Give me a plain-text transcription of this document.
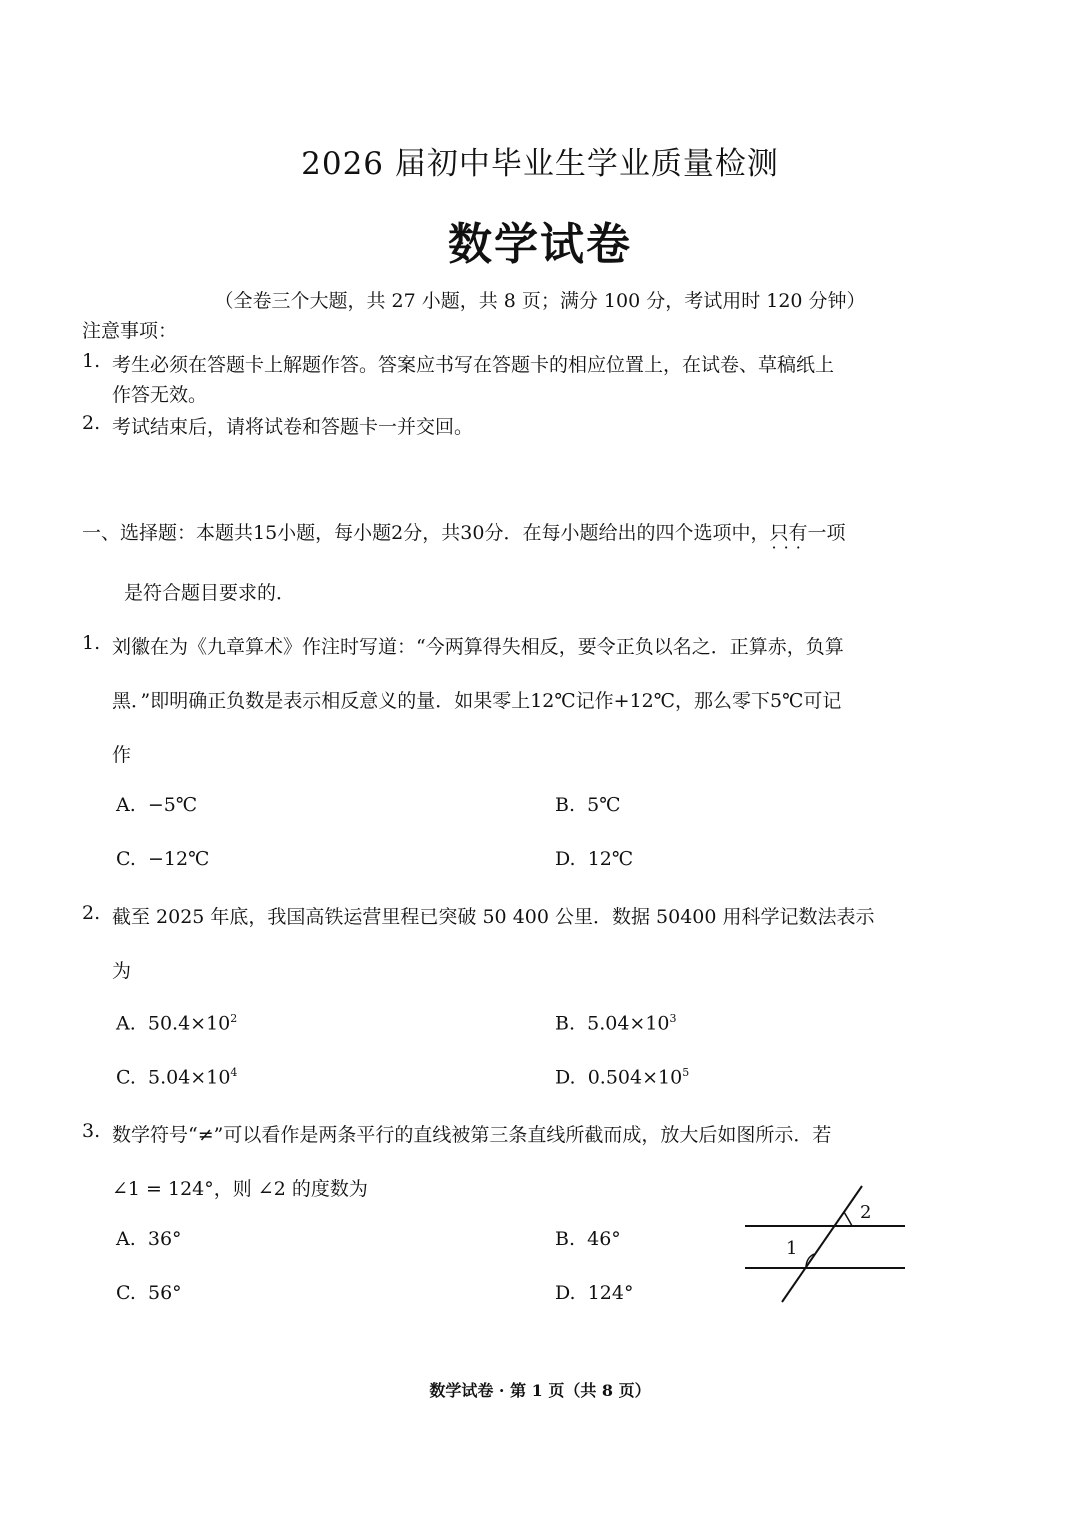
2026 届初中毕业生学业质量检测
数学试卷
（全卷三个大题，共 27 小题，共 8 页；满分 100 分，考试用时 120 分钟）
注意事项：
1. 考生必须在答题卡上解题作答。答案应书写在答题卡的相应位置上，在试卷、草稿纸上
作答无效。
2. 考试结束后，请将试卷和答题卡一并交回。
一、选择题：本题共15小题，每小题2分，共30分．在每小题给出的四个选项中，只有一项 · · ·
是符合题目要求的．
1. 刘徽在为《九章算术》作注时写道：“今两算得失相反，要令正负以名之．正算赤，负算
黑．”即明确正负数是表示相反意义的量．如果零上12℃记作+12℃，那么零下5℃可记
作
A. −5℃	B. 5℃
C. −12℃	D. 12℃
2. 截至 2025 年底，我国高铁运营里程已突破 50 400 公里．数据 50400 用科学记数法表示
为
A. $50.4\times 10^2$	B. $5.04\times 10^3$
C. $5.04\times 10^4$	D. $0.504\times 10^5$
3. 数学符号“≠”可以看作是两条平行的直线被第三条直线所截而成，放大后如图所示．若
∠1 = 124°，则 ∠2 的度数为
A. 36°	B. 46°
C. 56°	D. 124°
2
1
数学试卷 · 第 1 页（共 8 页）
